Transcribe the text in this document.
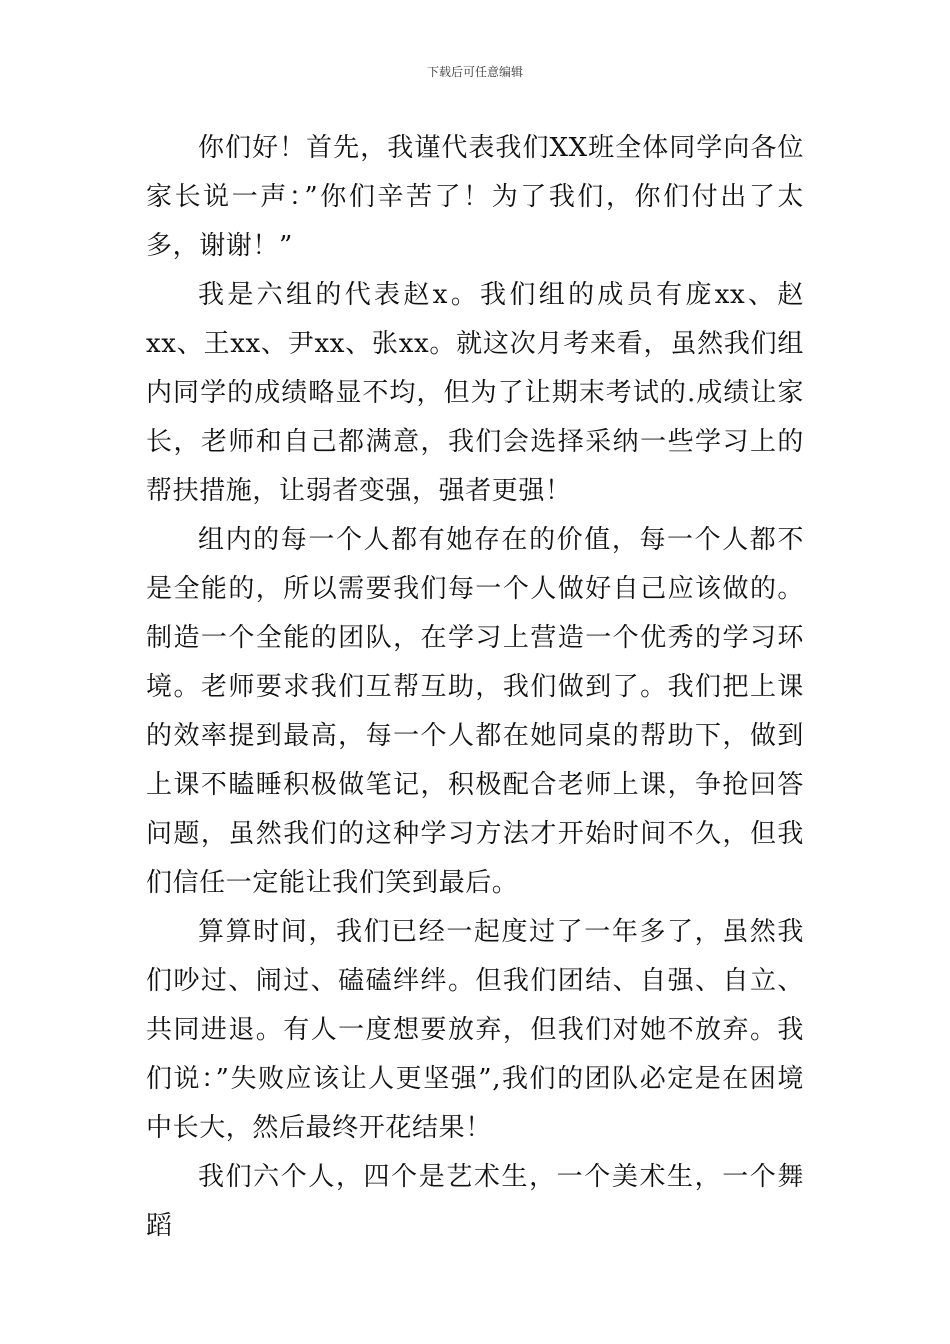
下载后可任意编辑

你们好！首先，我谨代表我们XX班全体同学向各位家长说一声：”你们辛苦了！为了我们，你们付出了太多，谢谢！”

我是六组的代表赵x。我们组的成员有庞xx、赵xx、王xx、尹xx、张xx。就这次月考来看，虽然我们组内同学的成绩略显不均，但为了让期末考试的.成绩让家长，老师和自己都满意，我们会选择采纳一些学习上的帮扶措施，让弱者变强，强者更强！

组内的每一个人都有她存在的价值，每一个人都不是全能的，所以需要我们每一个人做好自己应该做的。制造一个全能的团队，在学习上营造一个优秀的学习环境。老师要求我们互帮互助，我们做到了。我们把上课的效率提到最高，每一个人都在她同桌的帮助下，做到上课不瞌睡积极做笔记，积极配合老师上课，争抢回答问题，虽然我们的这种学习方法才开始时间不久，但我们信任一定能让我们笑到最后。

算算时间，我们已经一起度过了一年多了，虽然我们吵过、闹过、磕磕绊绊。但我们团结、自强、自立、共同进退。有人一度想要放弃，但我们对她不放弃。我们说：”失败应该让人更坚强”,我们的团队必定是在困境中长大，然后最终开花结果！

我们六个人，四个是艺术生，一个美术生，一个舞蹈
